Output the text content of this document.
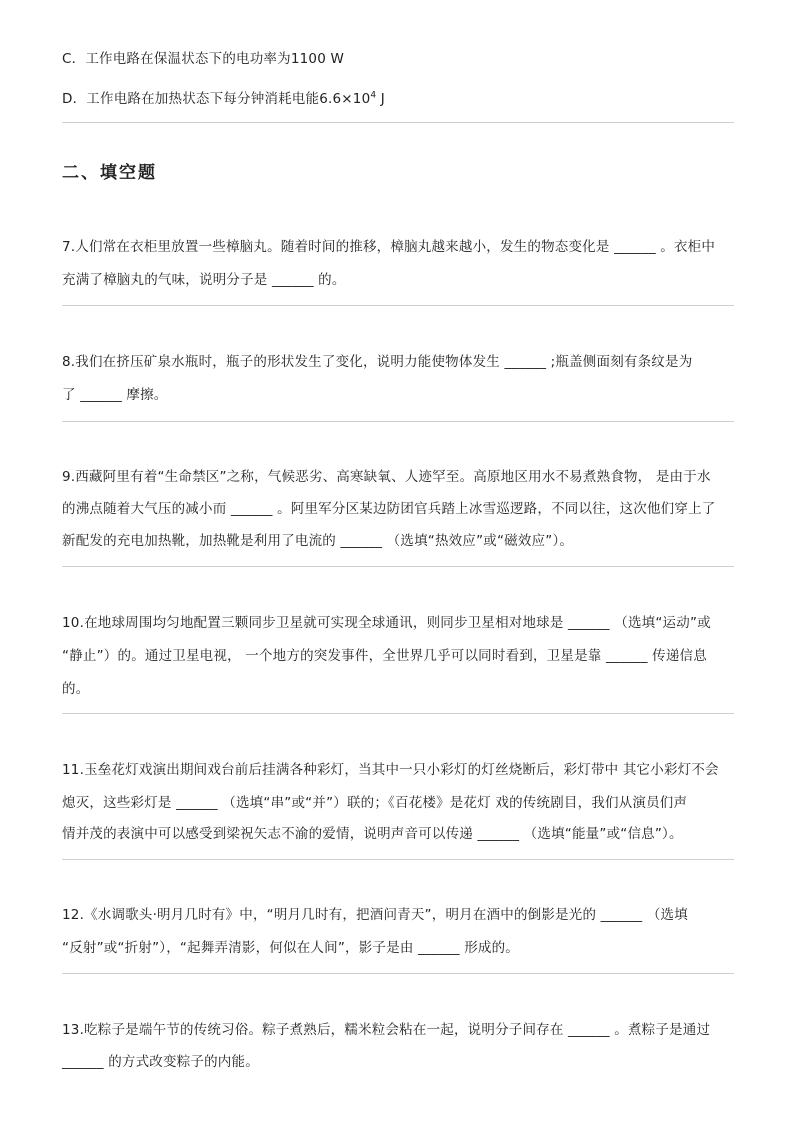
C．工作电路在保温状态下的电功率为1100 W
D．工作电路在加热状态下每分钟消耗电能$6.6\times 10^4$ J
二、填空题
7.人们常在衣柜里放置一些樟脑丸。随着时间的推移，樟脑丸越来越小，发生的物态变化是 ______ 。衣柜中
充满了樟脑丸的气味，说明分子是 ______ 的。
8.我们在挤压矿泉水瓶时，瓶子的形状发生了变化，说明力能使物体发生 ______ ;瓶盖侧面刻有条纹是为
了 ______ 摩擦。
9.西藏阿里有着“生命禁区”之称，气候恶劣、高寒缺氧、人迹罕至。高原地区用水不易煮熟食物， 是由于水
的沸点随着大气压的减小而 ______ 。阿里军分区某边防团官兵踏上冰雪巡逻路，不同以往，这次他们穿上了
新配发的充电加热靴，加热靴是利用了电流的 ______ （选填“热效应”或“磁效应”）。
10.在地球周围均匀地配置三颗同步卫星就可实现全球通讯，则同步卫星相对地球是 ______ （选填“运动”或
“静止”）的。通过卫星电视， 一个地方的突发事件，全世界几乎可以同时看到，卫星是靠 ______ 传递信息
的。
11.玉垒花灯戏演出期间戏台前后挂满各种彩灯，当其中一只小彩灯的灯丝烧断后，彩灯带中 其它小彩灯不会
熄灭，这些彩灯是 ______ （选填“串”或“并”）联的；《百花楼》是花灯 戏的传统剧目，我们从演员们声
情并茂的表演中可以感受到梁祝矢志不渝的爱情，说明声音可以传递 ______ （选填“能量”或“信息”）。
12.《水调歌头·明月几时有》中，“明月几时有，把酒问青天”，明月在酒中的倒影是光的 ______ （选填
“反射”或“折射”），“起舞弄清影，何似在人间”，影子是由 ______ 形成的。
13.吃粽子是端午节的传统习俗。粽子煮熟后，糯米粒会粘在一起，说明分子间存在 ______ 。煮粽子是通过
______ 的方式改变粽子的内能。
